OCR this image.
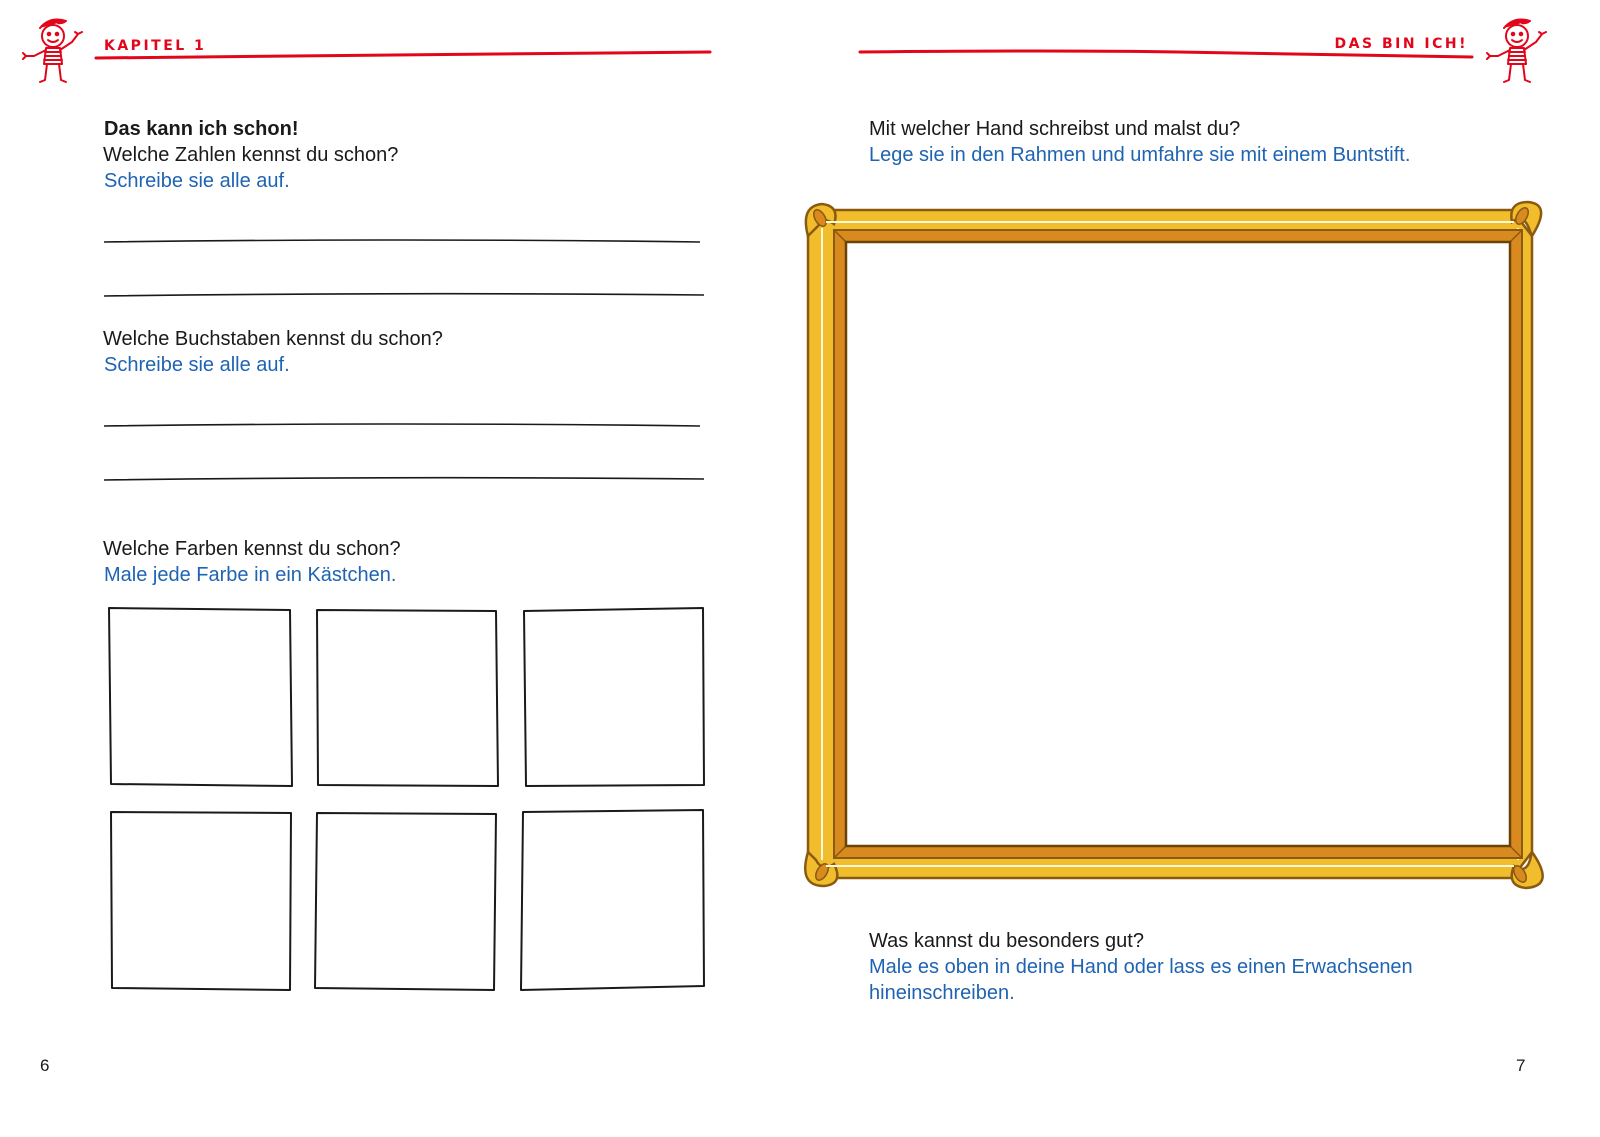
KAPITEL 1
Das kann ich schon!
Welche Zahlen kennst du schon?
Schreibe sie alle auf.
Welche Buchstaben kennst du schon?
Schreibe sie alle auf.
Welche Farben kennst du schon?
Male jede Farbe in ein Kästchen.
6
DAS BIN ICH!
Mit welcher Hand schreibst und malst du?
Lege sie in den Rahmen und umfahre sie mit einem Buntstift.
Was kannst du besonders gut?
Male es oben in deine Hand oder lass es einen Erwachsenen
hineinschreiben.
7
